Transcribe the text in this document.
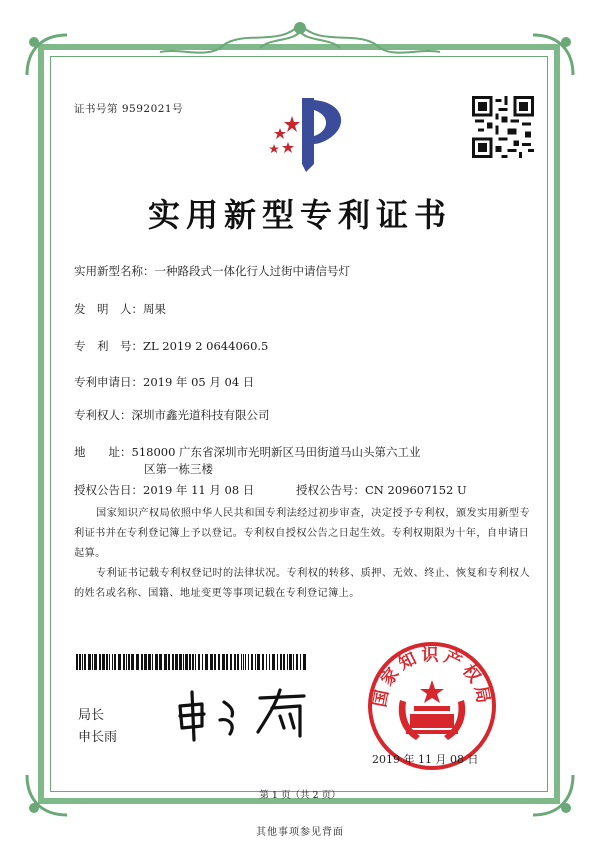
证书号第 9592021号
实用新型专利证书
实用新型名称：一种路段式一体化行人过街中请信号灯
发　明　人：周果
专　利　号：ZL 2019 2 0644060.5
专利申请日：2019 年 05 月 04 日
专利权人：深圳市鑫光道科技有限公司
地　　址：518000 广东省深圳市光明新区马田街道马山头第六工业
区第一栋三楼
授权公告日：2019 年 11 月 08 日	授权公告号：CN 209607152 U
国家知识产权局依照中华人民共和国专利法经过初步审查，决定授予专利权，颁发实用新型专利证书并在专利登记簿上予以登记。专利权自授权公告之日起生效。专利权期限为十年，自申请日起算。
专利证书记载专利权登记时的法律状况。专利权的转移、质押、无效、终止、恢复和专利权人的姓名或名称、国籍、地址变更等事项记载在专利登记簿上。
局长
申长雨
国家知识产权局
2019 年 11 月 08 日
第 1 页（共 2 页）
其他事项参见背面
